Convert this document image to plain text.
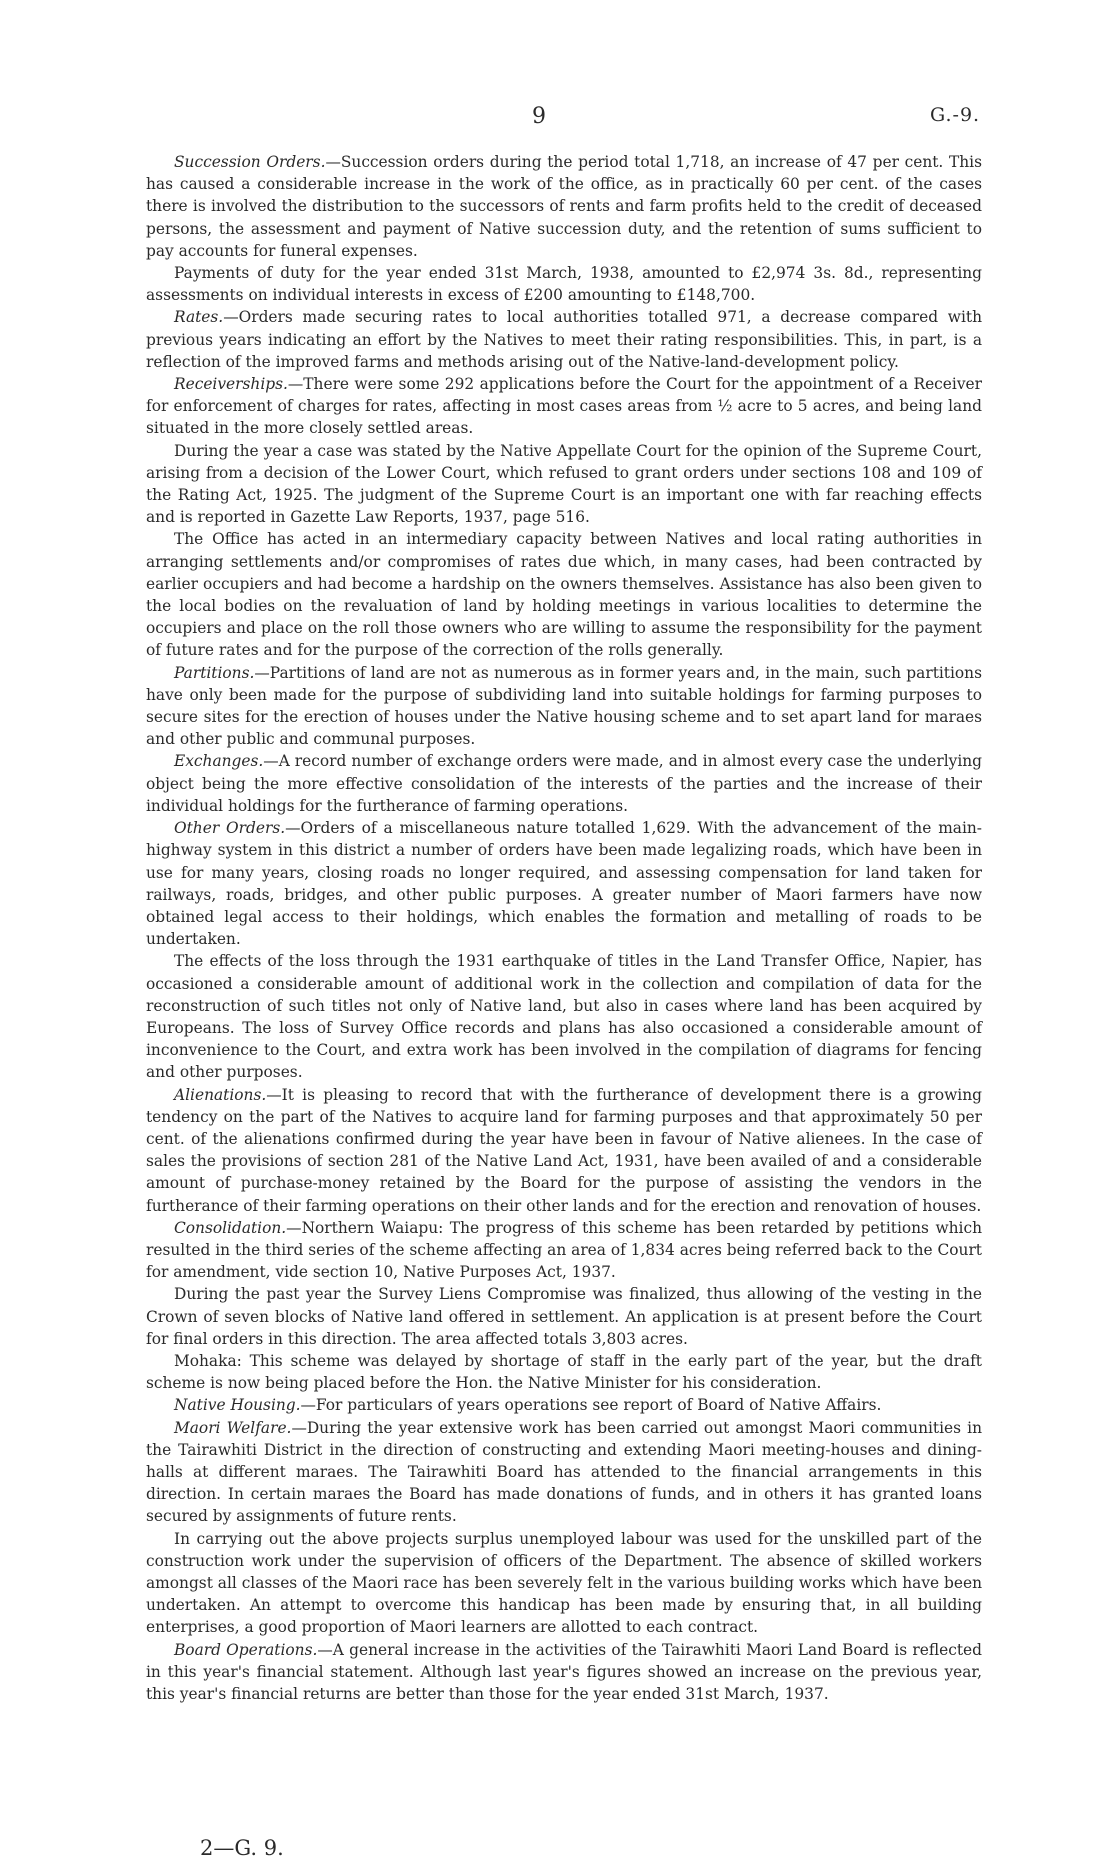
9	G.-9.

Succession Orders.—Succession orders during the period total 1,718, an increase of 47 per cent. This has caused a considerable increase in the work of the office, as in practically 60 per cent. of the cases there is involved the distribution to the successors of rents and farm profits held to the credit of deceased persons, the assessment and payment of Native succession duty, and the retention of sums sufficient to pay accounts for funeral expenses.

Payments of duty for the year ended 31st March, 1938, amounted to £2,974 3s. 8d., representing assessments on individual interests in excess of £200 amounting to £148,700.

Rates.—Orders made securing rates to local authorities totalled 971, a decrease compared with previous years indicating an effort by the Natives to meet their rating responsibilities. This, in part, is a reflection of the improved farms and methods arising out of the Native-land-development policy.

Receiverships.—There were some 292 applications before the Court for the appointment of a Receiver for enforcement of charges for rates, affecting in most cases areas from ½ acre to 5 acres, and being land situated in the more closely settled areas.

During the year a case was stated by the Native Appellate Court for the opinion of the Supreme Court, arising from a decision of the Lower Court, which refused to grant orders under sections 108 and 109 of the Rating Act, 1925. The judgment of the Supreme Court is an important one with far reaching effects and is reported in Gazette Law Reports, 1937, page 516.

The Office has acted in an intermediary capacity between Natives and local rating authorities in arranging settlements and/or compromises of rates due which, in many cases, had been contracted by earlier occupiers and had become a hardship on the owners themselves. Assistance has also been given to the local bodies on the revaluation of land by holding meetings in various localities to determine the occupiers and place on the roll those owners who are willing to assume the responsibility for the payment of future rates and for the purpose of the correction of the rolls generally.

Partitions.—Partitions of land are not as numerous as in former years and, in the main, such partitions have only been made for the purpose of subdividing land into suitable holdings for farming purposes to secure sites for the erection of houses under the Native housing scheme and to set apart land for maraes and other public and communal purposes.

Exchanges.—A record number of exchange orders were made, and in almost every case the underlying object being the more effective consolidation of the interests of the parties and the increase of their individual holdings for the furtherance of farming operations.

Other Orders.—Orders of a miscellaneous nature totalled 1,629. With the advancement of the main-highway system in this district a number of orders have been made legalizing roads, which have been in use for many years, closing roads no longer required, and assessing compensation for land taken for railways, roads, bridges, and other public purposes. A greater number of Maori farmers have now obtained legal access to their holdings, which enables the formation and metalling of roads to be undertaken.

The effects of the loss through the 1931 earthquake of titles in the Land Transfer Office, Napier, has occasioned a considerable amount of additional work in the collection and compilation of data for the reconstruction of such titles not only of Native land, but also in cases where land has been acquired by Europeans. The loss of Survey Office records and plans has also occasioned a considerable amount of inconvenience to the Court, and extra work has been involved in the compilation of diagrams for fencing and other purposes.

Alienations.—It is pleasing to record that with the furtherance of development there is a growing tendency on the part of the Natives to acquire land for farming purposes and that approximately 50 per cent. of the alienations confirmed during the year have been in favour of Native alienees. In the case of sales the provisions of section 281 of the Native Land Act, 1931, have been availed of and a considerable amount of purchase-money retained by the Board for the purpose of assisting the vendors in the furtherance of their farming operations on their other lands and for the erection and renovation of houses.

Consolidation.—Northern Waiapu: The progress of this scheme has been retarded by petitions which resulted in the third series of the scheme affecting an area of 1,834 acres being referred back to the Court for amendment, vide section 10, Native Purposes Act, 1937.

During the past year the Survey Liens Compromise was finalized, thus allowing of the vesting in the Crown of seven blocks of Native land offered in settlement. An application is at present before the Court for final orders in this direction. The area affected totals 3,803 acres.

Mohaka: This scheme was delayed by shortage of staff in the early part of the year, but the draft scheme is now being placed before the Hon. the Native Minister for his consideration.

Native Housing.—For particulars of years operations see report of Board of Native Affairs.

Maori Welfare.—During the year extensive work has been carried out amongst Maori communities in the Tairawhiti District in the direction of constructing and extending Maori meeting-houses and dining-halls at different maraes. The Tairawhiti Board has attended to the financial arrangements in this direction. In certain maraes the Board has made donations of funds, and in others it has granted loans secured by assignments of future rents.

In carrying out the above projects surplus unemployed labour was used for the unskilled part of the construction work under the supervision of officers of the Department. The absence of skilled workers amongst all classes of the Maori race has been severely felt in the various building works which have been undertaken. An attempt to overcome this handicap has been made by ensuring that, in all building enterprises, a good proportion of Maori learners are allotted to each contract.

Board Operations.—A general increase in the activities of the Tairawhiti Maori Land Board is reflected in this year's financial statement. Although last year's figures showed an increase on the previous year, this year's financial returns are better than those for the year ended 31st March, 1937.

2—G. 9.
